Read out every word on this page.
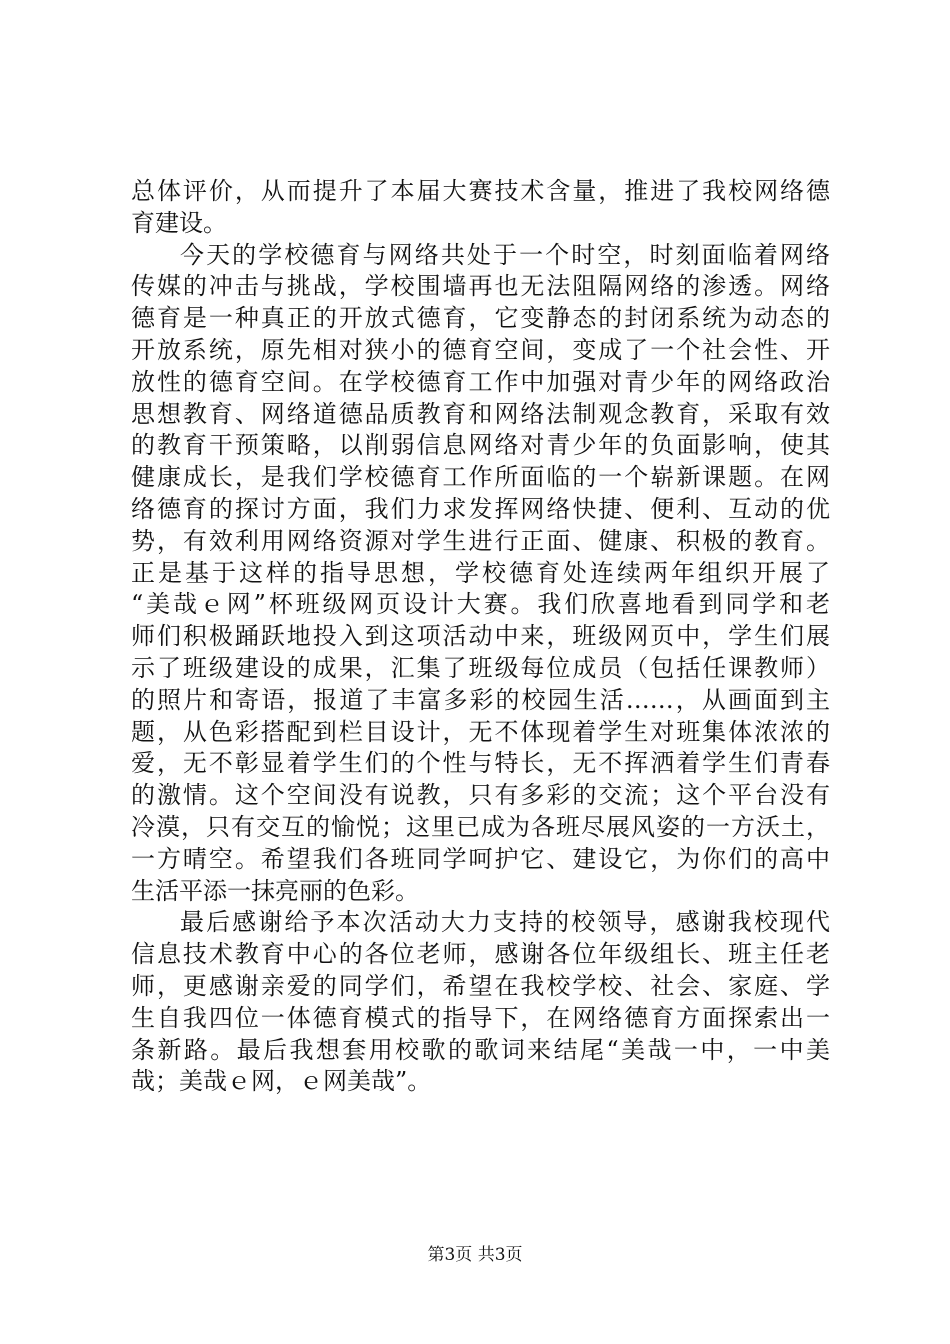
总体评价，从而提升了本届大赛技术含量，推进了我校网络德
育建设。
今天的学校德育与网络共处于一个时空，时刻面临着网络
传媒的冲击与挑战，学校围墙再也无法阻隔网络的渗透。网络
德育是一种真正的开放式德育，它变静态的封闭系统为动态的
开放系统，原先相对狭小的德育空间，变成了一个社会性、开
放性的德育空间。在学校德育工作中加强对青少年的网络政治
思想教育、网络道德品质教育和网络法制观念教育，采取有效
的教育干预策略，以削弱信息网络对青少年的负面影响，使其
健康成长，是我们学校德育工作所面临的一个崭新课题。在网
络德育的探讨方面，我们力求发挥网络快捷、便利、互动的优
势，有效利用网络资源对学生进行正面、健康、积极的教育。
正是基于这样的指导思想，学校德育处连续两年组织开展了
“美哉ｅ网”杯班级网页设计大赛。我们欣喜地看到同学和老
师们积极踊跃地投入到这项活动中来，班级网页中，学生们展
示了班级建设的成果，汇集了班级每位成员（包括任课教师）
的照片和寄语，报道了丰富多彩的校园生活……，从画面到主
题，从色彩搭配到栏目设计，无不体现着学生对班集体浓浓的
爱，无不彰显着学生们的个性与特长，无不挥洒着学生们青春
的激情。这个空间没有说教，只有多彩的交流；这个平台没有
冷漠，只有交互的愉悦；这里已成为各班尽展风姿的一方沃土，
一方晴空。希望我们各班同学呵护它、建设它，为你们的高中
生活平添一抹亮丽的色彩。
最后感谢给予本次活动大力支持的校领导，感谢我校现代
信息技术教育中心的各位老师，感谢各位年级组长、班主任老
师，更感谢亲爱的同学们，希望在我校学校、社会、家庭、学
生自我四位一体德育模式的指导下，在网络德育方面探索出一
条新路。最后我想套用校歌的歌词来结尾“美哉一中，一中美
哉；美哉ｅ网，ｅ网美哉”。
第3页 共3页
